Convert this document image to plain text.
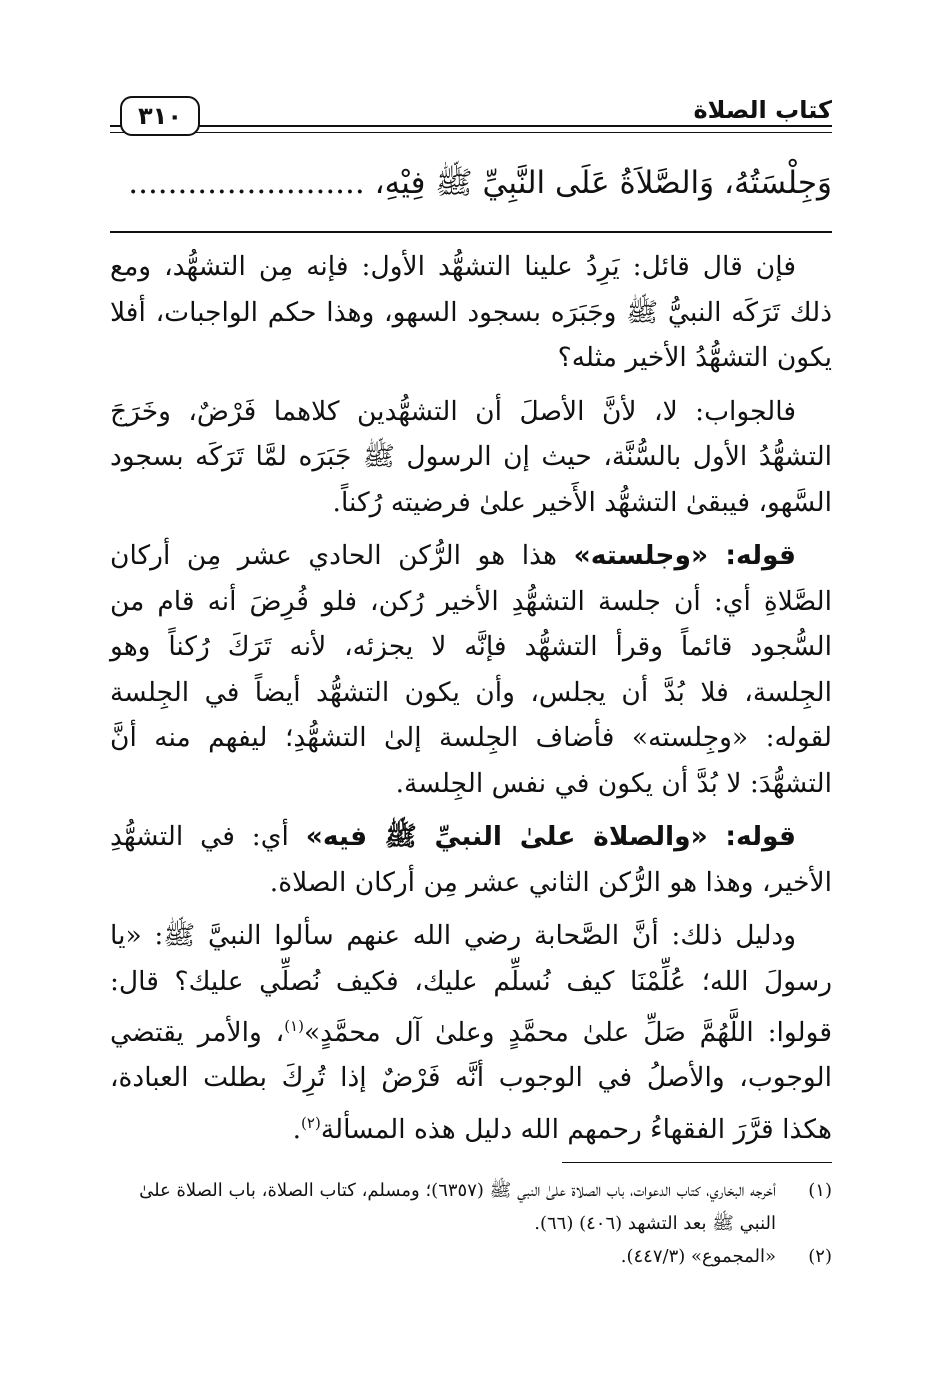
كتاب الصلاة
٣١٠
وَجِلْسَتُهُ، وَالصَّلاَةُ عَلَى النَّبِيِّ ﷺ فِيْهِ، ........................

فإن قال قائل: يَرِدُ علينا التشهُّد الأول: فإنه مِن التشهُّد، ومع ذلك تَرَكَه النبيُّ ﷺ وجَبَرَه بسجود السهو، وهذا حكم الواجبات، أفلا يكون التشهُّدُ الأخير مثله؟

فالجواب: لا، لأنَّ الأصلَ أن التشهُّدين كلاهما فَرْضٌ، وخَرَجَ التشهُّدُ الأول بالسُّنَّة، حيث إن الرسول ﷺ جَبَرَه لمَّا تَرَكَه بسجود السَّهو، فيبقىٰ التشهُّد الأَخير علىٰ فرضيته رُكناً.

قوله: «وجلسته» هذا هو الرُّكن الحادي عشر مِن أركان الصَّلاةِ أي: أن جلسة التشهُّدِ الأخير رُكن، فلو فُرِضَ أنه قام من السُّجود قائماً وقرأ التشهُّد فإنَّه لا يجزئه، لأنه تَرَكَ رُكناً وهو الجِلسة، فلا بُدَّ أن يجلس، وأن يكون التشهُّد أيضاً في الجِلسة لقوله: «وجِلسته» فأضاف الجِلسة إلىٰ التشهُّدِ؛ ليفهم منه أنَّ التشهُّدَ: لا بُدَّ أن يكون في نفس الجِلسة.

قوله: «والصلاة علىٰ النبيِّ ﷺ فيه» أي: في التشهُّدِ الأخير، وهذا هو الرُّكن الثاني عشر مِن أركان الصلاة.

ودليل ذلك: أنَّ الصَّحابة رضي الله عنهم سألوا النبيَّ ﷺ: «يا رسولَ الله؛ عُلِّمْنَا كيف نُسلِّم عليك، فكيف نُصلِّي عليك؟ قال: قولوا: اللَّهُمَّ صَلِّ علىٰ محمَّدٍ وعلىٰ آل محمَّدٍ»$^{(١)}$، والأمر يقتضي الوجوب، والأصلُ في الوجوب أنَّه فَرْضٌ إذا تُرِكَ بطلت العبادة، هكذا قرَّرَ الفقهاءُ رحمهم الله دليل هذه المسألة$^{(٢)}$.

(١)
أخرجه البخاري، كتاب الدعوات، باب الصلاة علىٰ النبي ﷺ (٦٣٥٧)؛ ومسلم، كتاب الصلاة، باب الصلاة علىٰ النبي ﷺ بعد التشهد (٤٠٦) (٦٦).
(٢)
«المجموع» (٤٤٧/٣).
